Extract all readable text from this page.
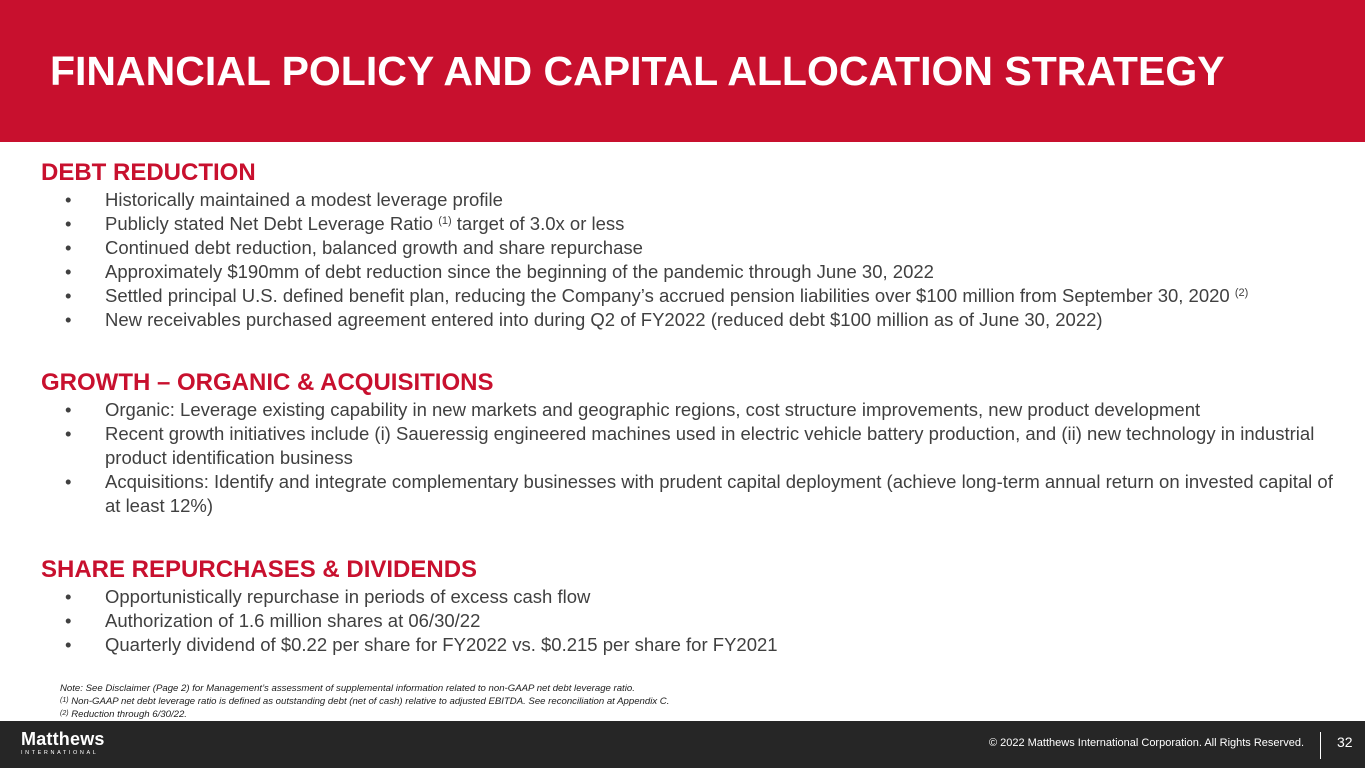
FINANCIAL POLICY AND CAPITAL ALLOCATION STRATEGY
DEBT REDUCTION
• Historically maintained a modest leverage profile
• Publicly stated Net Debt Leverage Ratio $^{(1)}$ target of 3.0x or less
• Continued debt reduction, balanced growth and share repurchase
• Approximately $190mm of debt reduction since the beginning of the pandemic through June 30, 2022
• Settled principal U.S. defined benefit plan, reducing the Company’s accrued pension liabilities over $100 million from September 30, 2020 $^{(2)}$
• New receivables purchased agreement entered into during Q2 of FY2022 (reduced debt $100 million as of June 30, 2022)
GROWTH – ORGANIC & ACQUISITIONS
• Organic: Leverage existing capability in new markets and geographic regions, cost structure improvements, new product development
• Recent growth initiatives include (i) Saueressig engineered machines used in electric vehicle battery production, and (ii) new technology in industrial product identification business
• Acquisitions: Identify and integrate complementary businesses with prudent capital deployment (achieve long-term annual return on invested capital of at least 12%)
SHARE REPURCHASES & DIVIDENDS
• Opportunistically repurchase in periods of excess cash flow
• Authorization of 1.6 million shares at 06/30/22
• Quarterly dividend of $0.22 per share for FY2022 vs. $0.215 per share for FY2021
Note: See Disclaimer (Page 2) for Management’s assessment of supplemental information related to non-GAAP net debt leverage ratio.
$^{(1)}$ Non-GAAP net debt leverage ratio is defined as outstanding debt (net of cash) relative to adjusted EBITDA. See reconciliation at Appendix C.
$^{(2)}$ Reduction through 6/30/22.
Matthews
INTERNATIONAL
© 2022 Matthews International Corporation. All Rights Reserved. 32
